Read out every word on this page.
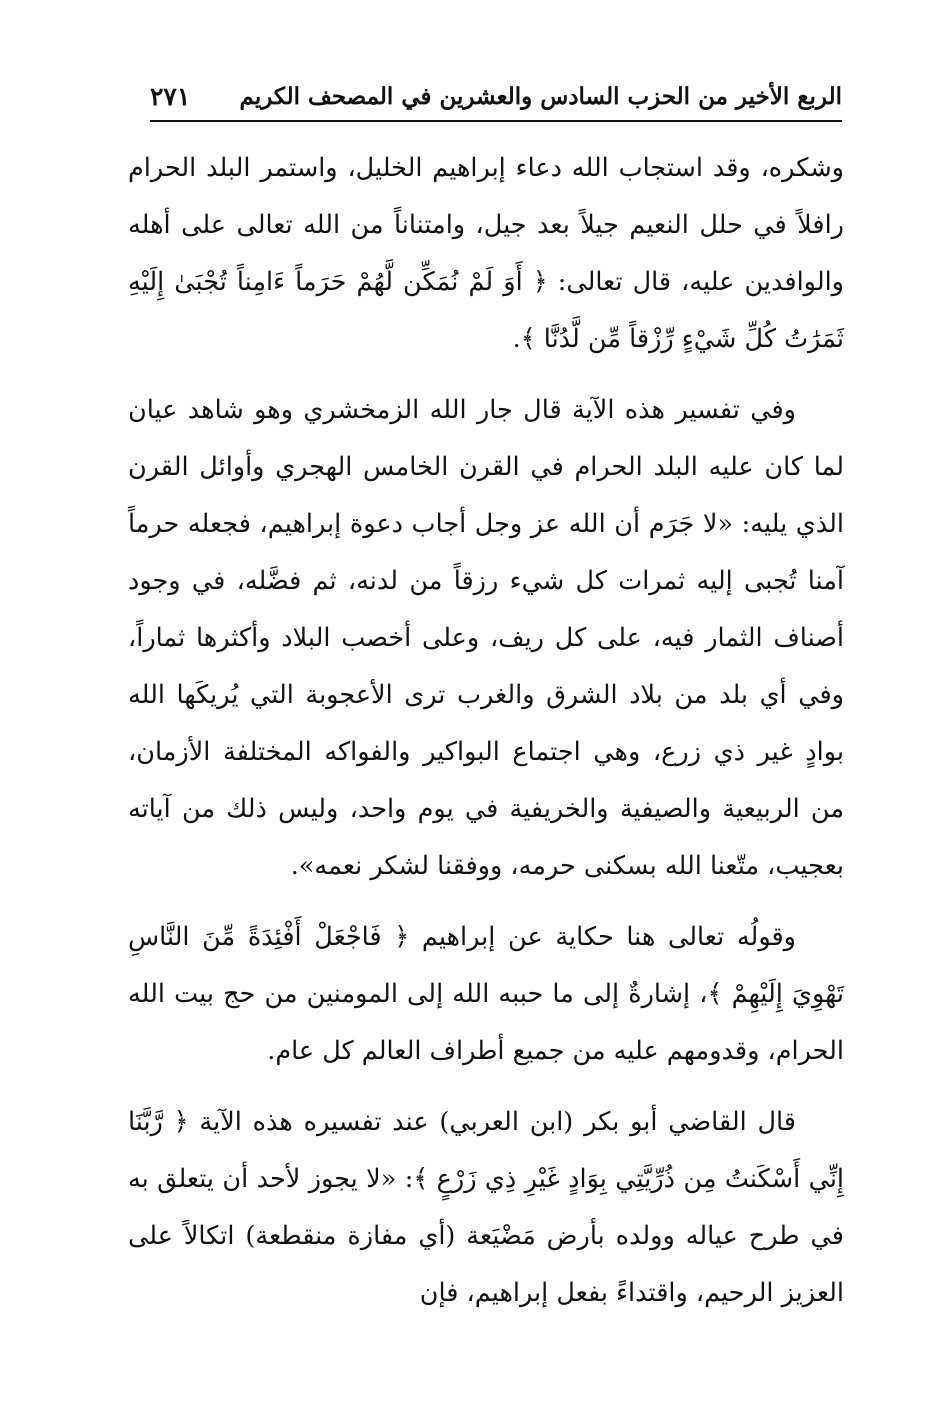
٢٧١ الربع الأخير من الحزب السادس والعشرين في المصحف الكريم

وشكره، وقد استجاب الله دعاء إبراهيم الخليل، واستمر البلد الحرام رافلاً في حلل النعيم جيلاً بعد جيل، وامتناناً من الله تعالى على أهله والوافدين عليه، قال تعالى: ﴿ أَوَ لَمْ نُمَكِّن لَّهُمْ حَرَماً ءَامِناً تُجْبَىٰ إِلَيْهِ ثَمَرَٰتُ كُلِّ شَيْءٍ رِّزْقاً مِّن لَّدُنَّا ﴾.

وفي تفسير هذه الآية قال جار الله الزمخشري وهو شاهد عيان لما كان عليه البلد الحرام في القرن الخامس الهجري وأوائل القرن الذي يليه: «لا جَرَم أن الله عز وجل أجاب دعوة إبراهيم، فجعله حرماً آمنا تُجبى إليه ثمرات كل شيء رزقاً من لدنه، ثم فضَّله، في وجود أصناف الثمار فيه، على كل ريف، وعلى أخصب البلاد وأكثرها ثماراً، وفي أي بلد من بلاد الشرق والغرب ترى الأعجوبة التي يُريكَها الله بوادٍ غير ذي زرع، وهي اجتماع البواكير والفواكه المختلفة الأزمان، من الربيعية والصيفية والخريفية في يوم واحد، وليس ذلك من آياته بعجيب، متّعنا الله بسكنى حرمه، ووفقنا لشكر نعمه».

وقولُه تعالى هنا حكاية عن إبراهيم ﴿ فَاجْعَلْ أَفْئِدَةً مِّنَ النَّاسِ تَهْوِيَ إِلَيْهِمْ ﴾، إشارةٌ إلى ما حببه الله إلى المومنين من حج بيت الله الحرام، وقدومهم عليه من جميع أطراف العالم كل عام.

قال القاضي أبو بكر (ابن العربي) عند تفسيره هذه الآية ﴿ رَّبَّنَا إِنِّي أَسْكَنتُ مِن ذُرِّيَّتِي بِوَادٍ غَيْرِ ذِي زَرْعٍ ﴾: «لا يجوز لأحد أن يتعلق به في طرح عياله وولده بأرض مَضْيَعة (أي مفازة منقطعة) اتكالاً على العزيز الرحيم، واقتداءً بفعل إبراهيم، فإن
